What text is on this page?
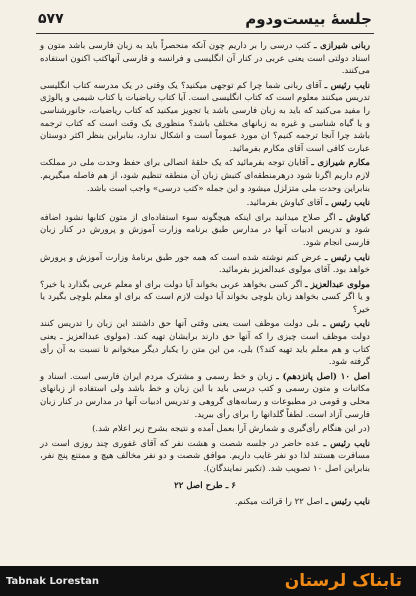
جلسهٔ بیست‌ودوم
۵۷۷

ربانی شیرازی ـ کتب درسی را بر داریم چون آنکه منحصراً باید به زبان فارسی باشد متون و اسناد دولتی است یعنی عربی در کنار آن انگلیسی و فرانسه و فارسی آنهاکتب اکنون استفاده می‌کنند.

نایب رئیس ـ آقای ربانی شما چرا کم توجهی میکنید؟ یک وقتی در یک مدرسه کتاب انگلیسی تدریس میکنند معلوم است که کتاب انگلیسی است. آیا کتاب ریاضیات یا کتاب شیمی و پالوژی را مفید می‌کنید که باید به زبان فارسی باشد یا تجویز میکنید که کتاب ریاضیات، جانورشناسی و یا گیاه شناسی و غیره به زبانهای مختلف باشد؟ منظوری یک وقت است که کتاب ترجمه باشد چرا آنجا ترجمه کنیم؟ ان مورد عموماً است و اشکال ندارد، بنابراین بنظر اکثر دوستان عبارت کافی است آقای مکارم بفرمائید.

مکارم شیرازی ـ آقایان توجه بفرمائید که یک حلقهٔ اتصالی برای حفظ وحدت ملی در مملکت لازم داریم اگرنا شود درهرمنطقه‌ای کتبش زبان آن منطقه تنظیم شود، از هم فاصله میگیریم. بنابراین وحدت ملی متزلزل میشود و این جمله «کتب درسی» واجب است باشد.

نایب رئیس ـ آقای کیاوش بفرمائید.

کیاوش ـ اگر صلاح میدانید برای اینکه هیچگونه سوء استفاده‌ای از متون کتابها نشود اضافه شود و تدریس ادبیات آنها در مدارس طبق برنامه وزارت آموزش و پرورش در کنار زبان فارسی انجام شود.

نایب رئیس ـ عرض کنم نوشته شده است که همه جور طبق برنامهٔ وزارت آموزش و پرورش خواهد بود. آقای مولوی عبدالعزیز بفرمائید.

مولوی عبدالعزیز ـ اگر کسی بخواهد عربی بخواند آیا دولت برای او معلم عربی بگذارد یا خیر؟ و یا اگر کسی بخواهد زبان بلوچی بخواند آیا دولت لازم است که برای او معلم بلوچی بگیرد یا خیر؟

نایب رئیس ـ بلی دولت موظف است یعنی وقتی آنها حق داشتند این زبان را تدریس کنند دولت موظف است چیزی را که آنها حق دارند برایشان تهیه کند. (مولوی عبدالعزیز ـ یعنی کتاب و هم معلم باید تهیه کند؟) بلی، من این متن را یکبار دیگر میخوانم تا نسبت به آن رأی گرفته شود.

اصل ۱۰ (اصل پانزدهم) ـ زبان و خط رسمی و مشترک مردم ایران فارسی است. اسناد و مکاتبات و متون رسمی و کتب درسی باید با این زبان و خط باشد ولی استفاده از زبانهای محلی و قومی در مطبوعات و رسانه‌های گروهی و تدریس ادبیات آنها در مدارس در کنار زبان فارسی آزاد است. لطفاً گلدانها را برای رأی ببرید.

(در این هنگام رأی‌گیری و شمارش آرا بعمل آمده و نتیجه بشرح زیر اعلام شد.)

نایب رئیس ـ عده حاضر در جلسه شصت و هشت نفر که آقای غفوری چند روزی است در مسافرت هستند لذا دو نفر غایب داریم. موافق شصت و دو نفر مخالف هیچ و ممتنع پنج نفر، بنابراین اصل ۱۰ تصویب شد. (تکبیر نمایندگان).

۶ ـ طرح اصل ۲۲

نایب رئیس ـ اصل ۲۲ را قرائت میکنم.

Tabnak Lorestan	تابناک لرستان
